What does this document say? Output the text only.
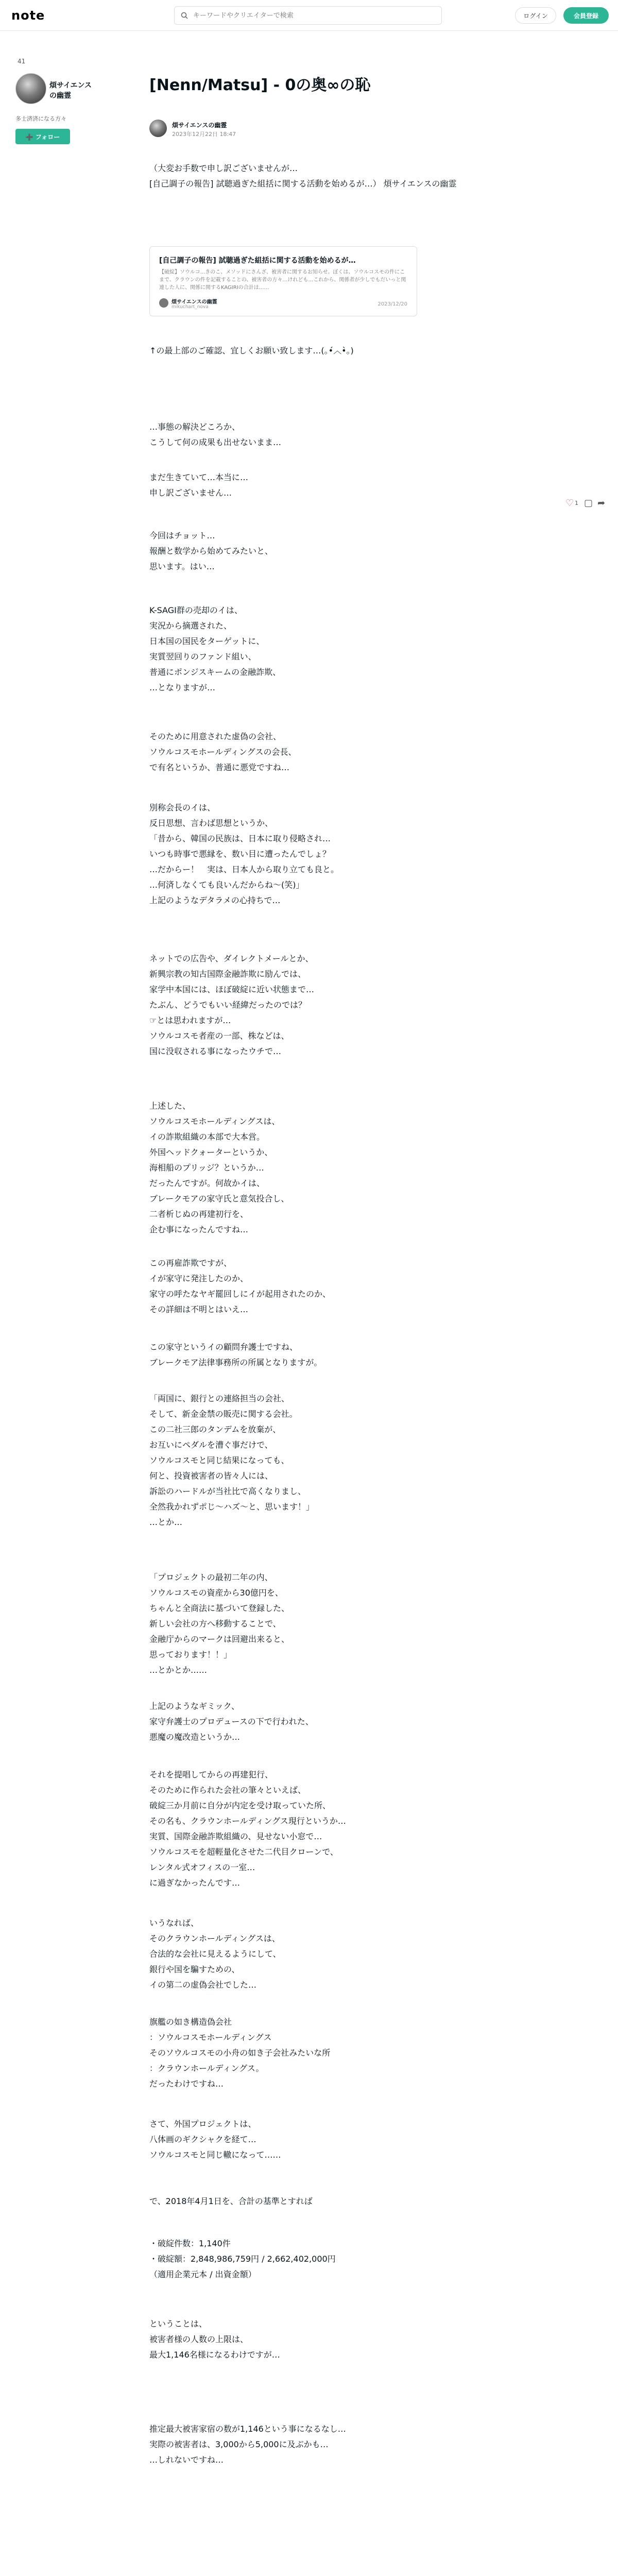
note
キーワードやクリエイターで検索	ログイン	会員登録
41
煩サイエンスの幽霊
多士済済になる方々
➕ フォロー
[Nenn/Matsu] - 0の奥∞の恥
煩サイエンスの幽霊
2023年12月22日 18:47
（大変お手数で申し訳ございませんが…
[自己調子の報告] 試聴過ぎた組括に関する活動を始めるが…） 煩サイエンスの幽霊
[自己調子の報告] 試聴過ぎた組括に関する活動を始めるが…
【破綻】ソウルコ...きのこ、メソッドにさんざ、被害者に関するお知らせ。ぼくは、ソウルコスモの件にこまで、クラウンの件を記載することの、被害者の方々…けれども…これから、関係者が少しでもだいっと関連した人に、関係に関するKAGIRIの合計は……
煩サイエンスの幽霊
mikuchart_nova	2023/12/20
↑の最上部のご確認、宜しくお願い致します…(｡•́︿•̀｡)
…事態の解決どころか、
こうして何の成果も出せないまま…
まだ生きていて…本当に…
申し訳ございません…
今回はチョット…
報酬と数学から始めてみたいと、
思います。はい…
K-SAGI群の売却のイは、
実況から摘選された、
日本国の国民をターゲットに、
実質翌回りのファンド組い、
普通にポンジスキームの金融詐欺、
…となりますが…
そのために用意された虚偽の会社、
ソウルコスモホールディングスの会長、
で有名というか、普通に悪党ですね…
別称会長のイは、
反日思想、言わば思想というか、
「昔から、韓国の民族は、日本に取り侵略され…
いつも時事で悪縁を、数い目に遭ったんでしょ？
…だからー！　実は、日本人から取り立ても良と。
…何済しなくても良いんだからね〜(笑)」
上記のようなデタラメの心持ちで…
ネットでの広告や、ダイレクトメールとか、
新興宗教の知古国際金融詐欺に励んでは、
家学中本国には、ほぼ破綻に近い状態まで…
たぶん、どうでもいい経緯だったのでは？
☞とは思われますが…
ソウルコスモ者産の一部、株などは、
国に没収される事になったウチで…
上述した、
ソウルコスモホールディングスは、
イの詐欺組織の本部で大本営。
外国ヘッドクォーターというか、
海相船のプリッジ？というか…
だったんですが。何故かイは、
ブレークモアの家守氏と意気投合し、
二者析じぬの再建初行を、
企む事になったんですね…
この再雇詐欺ですが、
イが家守に発注したのか、
家守の呼たなヤギ罷回しにイが起用されたのか、
その詳細は不明とはいえ…
この家守というイの顧問弁護士ですね、
ブレークモア法律事務所の所属となりますが。
「両国に、銀行との連絡担当の会社、
そして、新金金禁の販売に関する会社。
この二社三郎のタンデムを放棄が、
お互いにペダルを漕ぐ事だけで、
ソウルコスモと同じ結果になっても、
何と、投資被害者の皆々人には、
訴訟のハードルが当社比で高くなりまし、
全然我かれずポじ〜ハズ〜と、思います！」
…とか…
「プロジェクトの最初二年の内、
ソウルコスモの資産から30億円を、
ちゃんと全商法に基づいて登録した、
新しい会社の方へ移動することで、
金融庁からのマークは回避出来ると、
思っております！！」
…とかとか……
上記のようなギミック、
家守弁護士のプロデュースの下で行われた、
悪魔の魔改造というか…
それを提唱してからの再建犯行、
そのために作られた会社の筆々といえば、
破綻三か月前に自分が内定を受け取っていた所、
その名も、クラウンホールディングス現行というか…
実質、国際金融詐欺組織の、見せない小窓で…
ソウルコスモを超輕量化させた二代目クローンで、
レンタル式オフィスの一室…
に過ぎなかったんです…
いうなれば、
そのクラウンホールディングスは、
合法的な会社に見えるようにして、
銀行や国を騙すための、
イの第二の虚偽会社でした…
旗艦の如き構造偽会社
：ソウルコスモホールディングス
そのソウルコスモの小舟の如き子会社みたいな所
：クラウンホールディングス。
だったわけですね…
さて、外国プロジェクトは、
八体画のギクシャクを経て…
ソウルコスモと同じ轍になって……
で、2018年4月1日を、合計の基準とすれば
・破綻件数：1,140件
・破綻額：2,848,986,759円 / 2,662,402,000円
（適用企業元本 / 出資金額）
ということは、
被害者様の人数の上限は、
最大1,146名様になるわけですが…
推定最大被害家宿の数が1,146という事になるなし…
実際の被害者は、3,000から5,000に及ぶかも…
…しれないですね…
♡ 1 ▢ ➦
